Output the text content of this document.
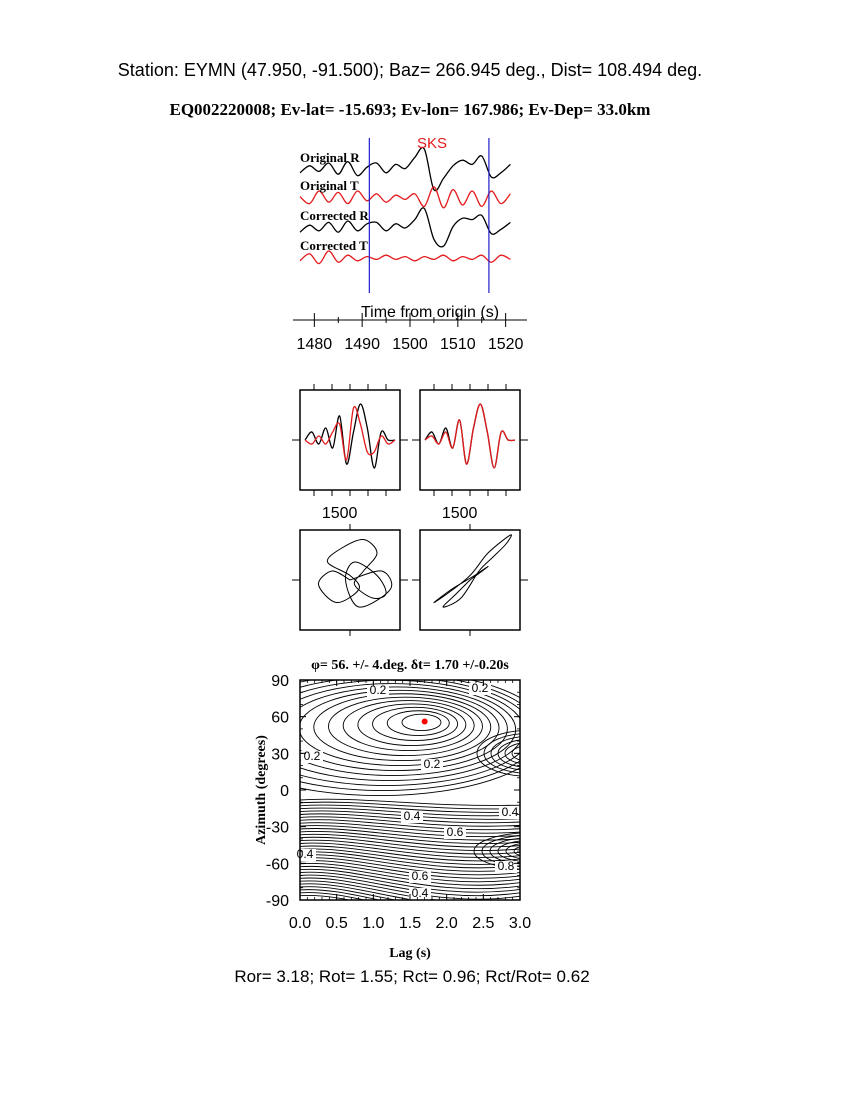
Station: EYMN (47.950, -91.500); Baz= 266.945 deg., Dist= 108.494 deg.
EQ002220008; Ev-lat= -15.693; Ev-lon= 167.986; Ev-Dep= 33.0km
Original R
Original T
Corrected R
Corrected T
SKS
1480 1490 1500 1510 1520
Time from origin (s)
1500	1500
φ= 56. +/- 4.deg. δt= 1.70 +/-0.20s
0.2	0.2
0.2
0.2
0.4
0.6
0.4
0.4
0.6
0.8
0.4
0.0 0.5 1.0 1.5 2.0 2.5 3.0
90
60
30
0
-30
-60
-90
Lag (s)
Azimuth (degrees)
Ror= 3.18; Rot= 1.55; Rct= 0.96; Rct/Rot= 0.62
